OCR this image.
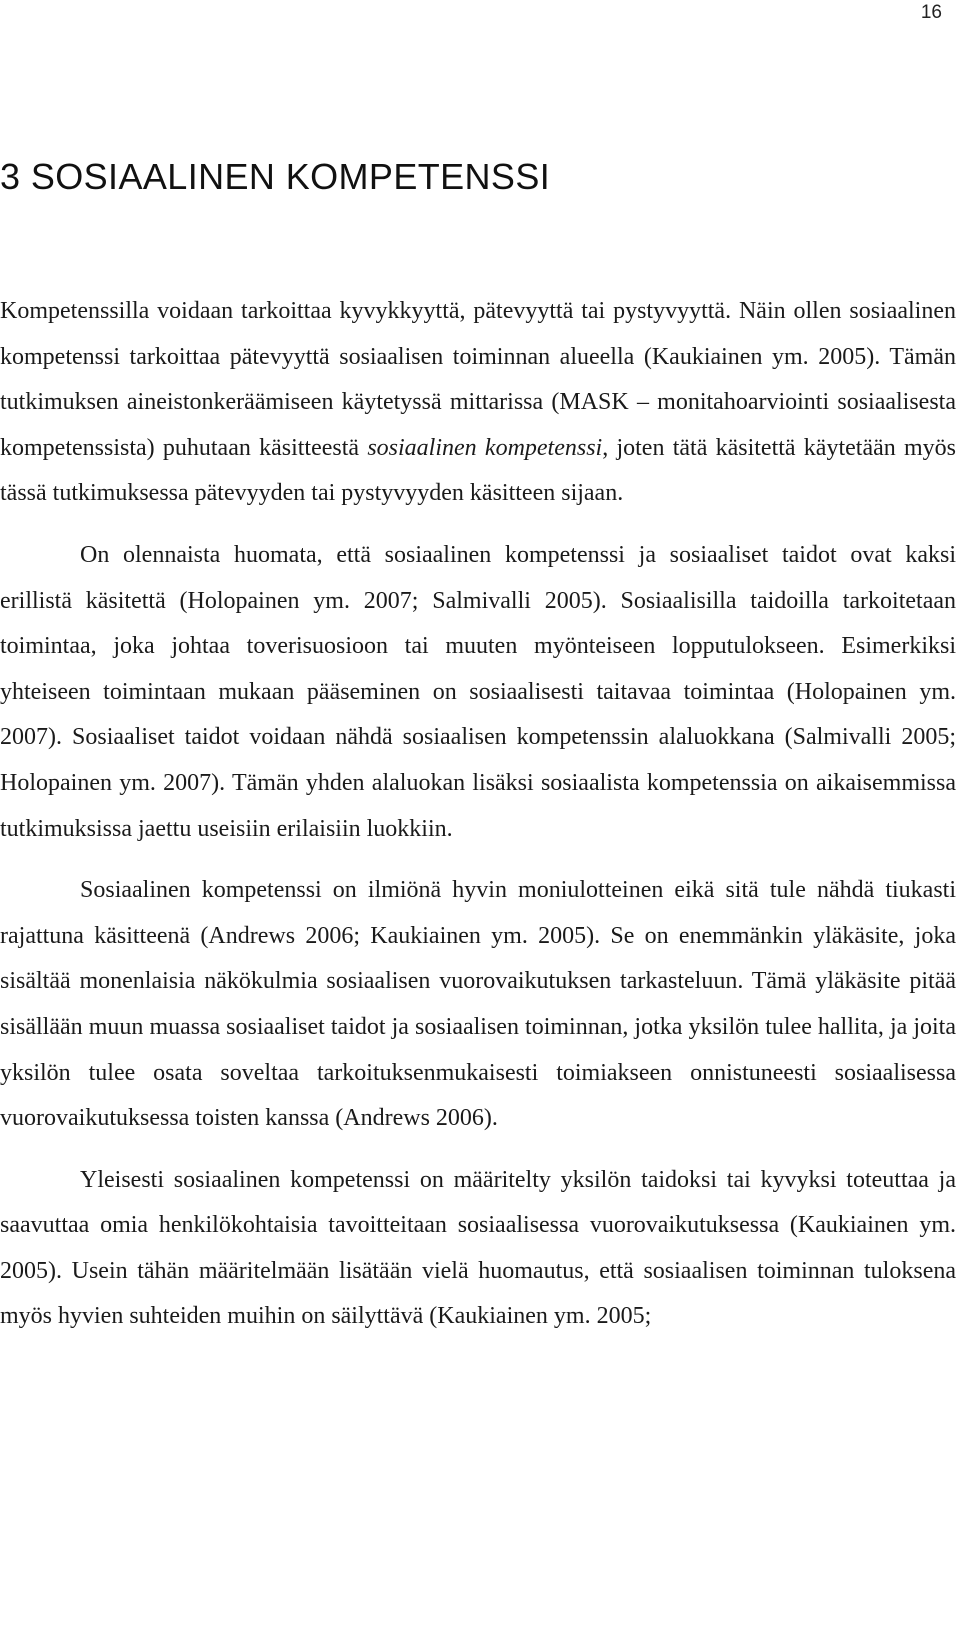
16
3 SOSIAALINEN KOMPETENSSI

Kompetenssilla voidaan tarkoittaa kyvykkyyttä, pätevyyttä tai pystyvyyttä. Näin ollen sosiaalinen kompetenssi tarkoittaa pätevyyttä sosiaalisen toiminnan alueella (Kaukiainen ym. 2005). Tämän tutkimuksen aineistonkeräämiseen käytetyssä mittarissa (MASK – monitahoarviointi sosiaalisesta kompetenssista) puhutaan käsitteestä sosiaalinen kompetenssi, joten tätä käsitettä käytetään myös tässä tutkimuksessa pätevyyden tai pystyvyyden käsitteen sijaan.

On olennaista huomata, että sosiaalinen kompetenssi ja sosiaaliset taidot ovat kaksi erillistä käsitettä (Holopainen ym. 2007; Salmivalli 2005). Sosiaalisilla taidoilla tarkoitetaan toimintaa, joka johtaa toverisuosioon tai muuten myönteiseen lopputulokseen. Esimerkiksi yhteiseen toimintaan mukaan pääseminen on sosiaalisesti taitavaa toimintaa (Holopainen ym. 2007). Sosiaaliset taidot voidaan nähdä sosiaalisen kompetenssin alaluokkana (Salmivalli 2005; Holopainen ym. 2007). Tämän yhden alaluokan lisäksi sosiaalista kompetenssia on aikaisemmissa tutkimuksissa jaettu useisiin erilaisiin luokkiin.

Sosiaalinen kompetenssi on ilmiönä hyvin moniulotteinen eikä sitä tule nähdä tiukasti rajattuna käsitteenä (Andrews 2006; Kaukiainen ym. 2005). Se on enemmänkin yläkäsite, joka sisältää monenlaisia näkökulmia sosiaalisen vuorovaikutuksen tarkasteluun. Tämä yläkäsite pitää sisällään muun muassa sosiaaliset taidot ja sosiaalisen toiminnan, jotka yksilön tulee hallita, ja joita yksilön tulee osata soveltaa tarkoituksenmukaisesti toimiakseen onnistuneesti sosiaalisessa vuorovaikutuksessa toisten kanssa (Andrews 2006).

Yleisesti sosiaalinen kompetenssi on määritelty yksilön taidoksi tai kyvyksi toteuttaa ja saavuttaa omia henkilökohtaisia tavoitteitaan sosiaalisessa vuorovaikutuksessa (Kaukiainen ym. 2005). Usein tähän määritelmään lisätään vielä huomautus, että sosiaalisen toiminnan tuloksena myös hyvien suhteiden muihin on säilyttävä (Kaukiainen ym. 2005;
